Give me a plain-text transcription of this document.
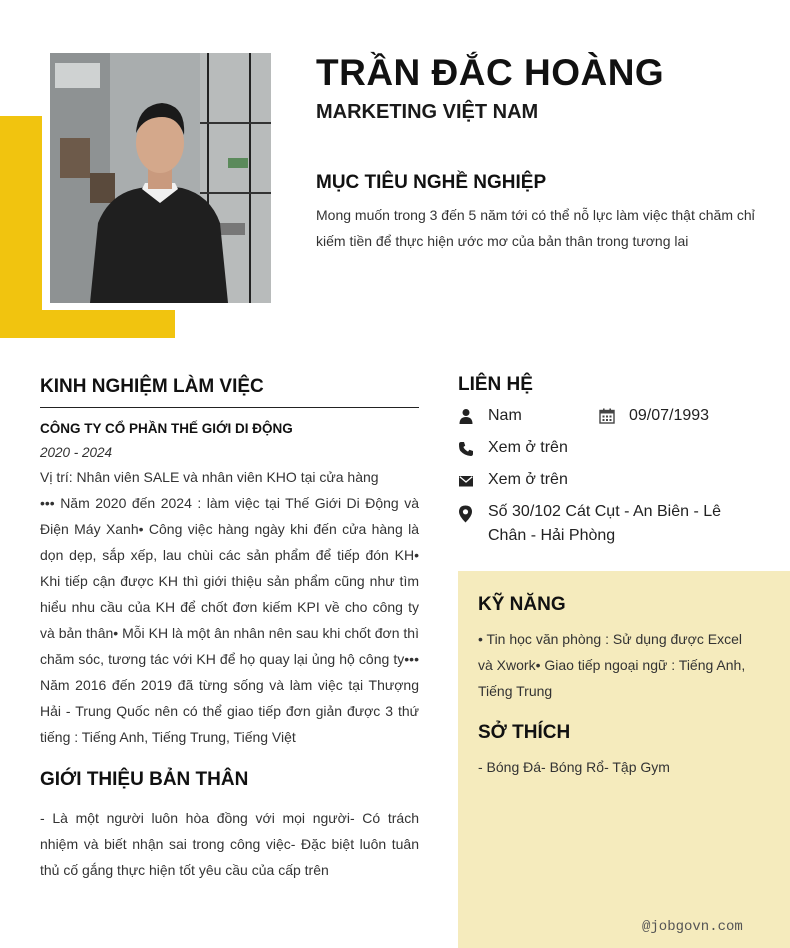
TRẦN ĐẮC HOÀNG
MARKETING VIỆT NAM
MỤC TIÊU NGHỀ NGHIỆP

Mong muốn trong 3 đến 5 năm tới có thể nỗ lực làm việc thật chăm chỉ kiếm tiền để thực hiện ước mơ của bản thân trong tương lai

KINH NGHIỆM LÀM VIỆC

CÔNG TY CỔ PHẦN THẾ GIỚI DI ĐỘNG

2020 - 2024

Vị trí: Nhân viên SALE và nhân viên KHO tại cửa hàng

••• Năm 2020 đến 2024 : làm việc tại Thế Giới Di Động và Điện Máy Xanh• Công việc hàng ngày khi đến cửa hàng là dọn dẹp, sắp xếp, lau chùi các sản phẩm để tiếp đón KH• Khi tiếp cận được KH thì giới thiệu sản phẩm cũng như tìm hiểu nhu cầu của KH để chốt đơn kiếm KPI về cho công ty và bản thân• Mỗi KH là một ân nhân nên sau khi chốt đơn thì chăm sóc, tương tác với KH để họ quay lại ủng hộ công ty••• Năm 2016 đến 2019 đã từng sống và làm việc tại Thượng Hải - Trung Quốc nên có thể giao tiếp đơn giản được 3 thứ tiếng : Tiếng Anh, Tiếng Trung, Tiếng Việt

GIỚI THIỆU BẢN THÂN

- Là một người luôn hòa đồng với mọi người- Có trách nhiệm và biết nhận sai trong công việc- Đặc biệt luôn tuân thủ cố gắng thực hiện tốt yêu cầu của cấp trên

LIÊN HỆ

Nam	09/07/1993

Xem ở trên

Xem ở trên

Số 30/102 Cát Cụt - An Biên - Lê Chân - Hải Phòng

KỸ NĂNG

• Tin học văn phòng : Sử dụng được Excel và Xwork• Giao tiếp ngoại ngữ : Tiếng Anh, Tiếng Trung

SỞ THÍCH

- Bóng Đá- Bóng Rổ- Tập Gym

@jobgovn.com
